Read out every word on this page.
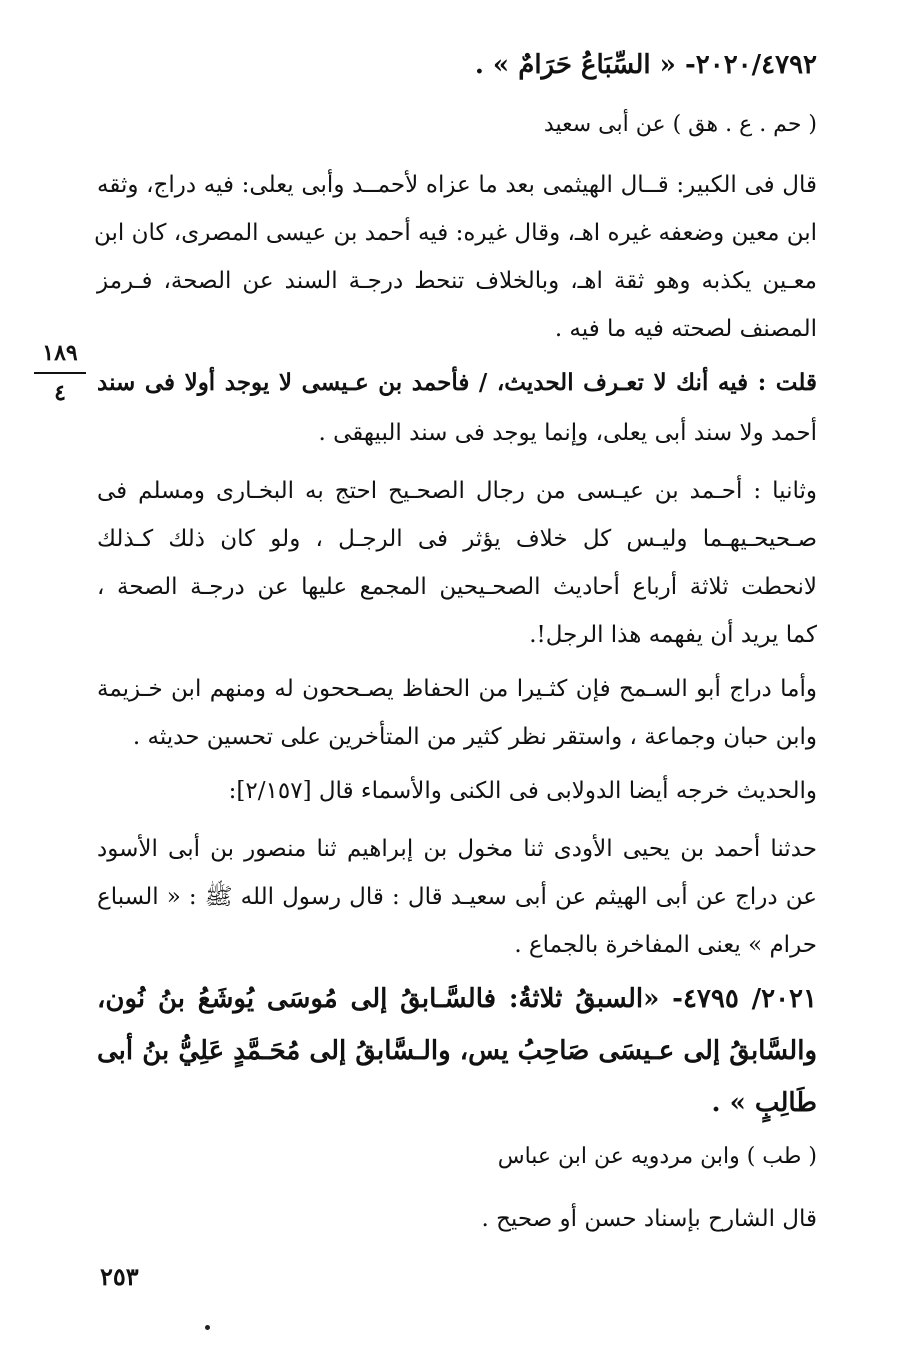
٢٠٢٠/٤٧٩٢- « السِّبَاعُ حَرَامٌ » .
( حم . ع . هق ) عن أبى سعيد
قال فى الكبير: قــال الهيثمى بعد ما عزاه لأحمــد وأبى يعلى: فيه دراج، وثقه
ابن معين وضعفه غيره اهـ، وقال غيره: فيه أحمد بن عيسى المصرى، كان ابن
معـين يكذبه وهو ثقة اهـ، وبالخلاف تنحط درجـة السند عن الصحة، فـرمز
المصنف لصحته فيه ما فيه .
قلت : فيه أنك لا تعـرف الحديث، / فأحمد بن عـيسى لا يوجد أولا فى سند
أحمد ولا سند أبى يعلى، وإنما يوجد فى سند البيهقى .
وثانيا : أحـمد بن عيـسى من رجال الصحـيح احتج به البخـارى ومسلم فى
صـحيحـيهـما وليـس كل خلاف يؤثر فى الرجـل ، ولو كان ذلك كـذلك
لانحطت ثلاثة أرباع أحاديث الصحـيحين المجمع عليها عن درجـة الصحة ،
كما يريد أن يفهمه هذا الرجل!.
وأما دراج أبو السـمح فإن كثـيرا من الحفاظ يصـححون له ومنهم ابن خـزيمة
وابن حبان وجماعة ، واستقر نظر كثير من المتأخرين على تحسين حديثه .
والحديث خرجه أيضا الدولابى فى الكنى والأسماء قال [٢/١٥٧]:
حدثنا أحمد بن يحيى الأودى ثنا مخول بن إبراهيم ثنا منصور بن أبى الأسود
عن دراج عن أبى الهيثم عن أبى سعيـد قال : قال رسول الله ﷺ : « السباع
حرام » يعنى المفاخرة بالجماع .
٢٠٢١/ ٤٧٩٥- «السبقُ ثلاثةُ: فالسَّـابقُ إلى مُوسَى يُوشَعُ بنُ نُون،
والسَّابقُ إلى عـيسَى صَاحِبُ يس، والـسَّابقُ إلى مُحَـمَّدٍ عَلِيُّ بنُ أبى
طَالِبٍ » .
( طب ) وابن مردويه عن ابن عباس
قال الشارح بإسناد حسن أو صحيح .
١٨٩
٤
٢٥٣
